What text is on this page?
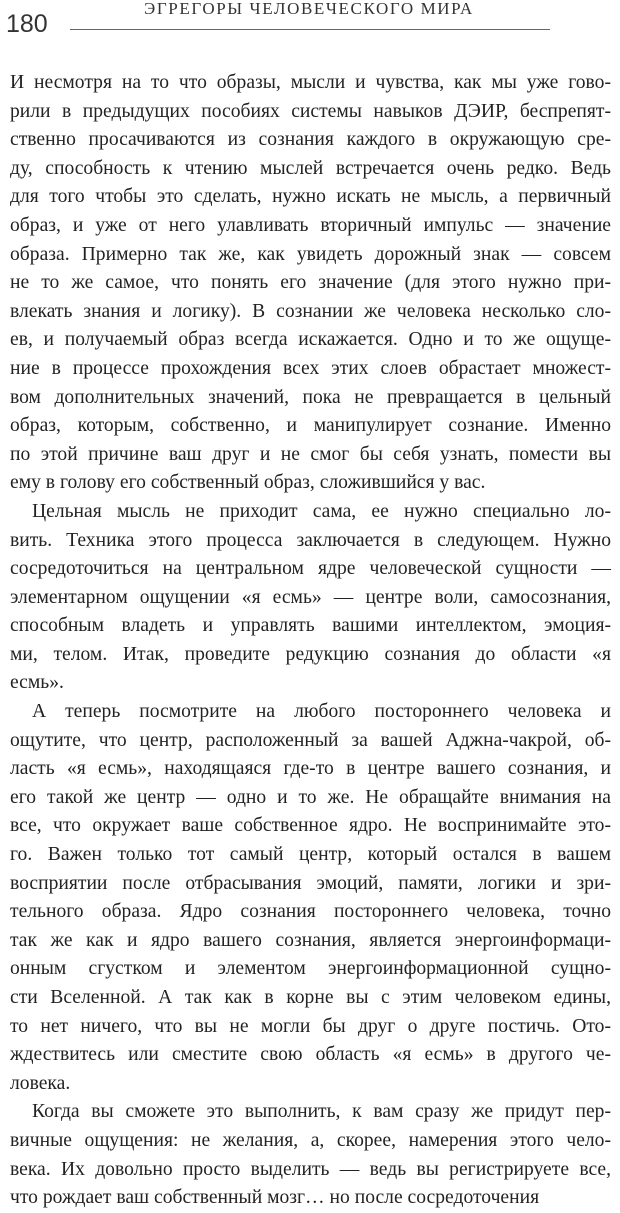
180
ЭГРЕГОРЫ ЧЕЛОВЕЧЕСКОГО МИРА
И несмотря на то что образы, мысли и чувства, как мы уже гово-
рили в предыдущих пособиях системы навыков ДЭИР, беспрепят-
ственно просачиваются из сознания каждого в окружающую сре-
ду, способность к чтению мыслей встречается очень редко. Ведь
для того чтобы это сделать, нужно искать не мысль, а первичный
образ, и уже от него улавливать вторичный импульс — значение
образа. Примерно так же, как увидеть дорожный знак — совсем
не то же самое, что понять его значение (для этого нужно при-
влекать знания и логику). В сознании же человека несколько сло-
ев, и получаемый образ всегда искажается. Одно и то же ощуще-
ние в процессе прохождения всех этих слоев обрастает множест-
вом дополнительных значений, пока не превращается в цельный
образ, которым, собственно, и манипулирует сознание. Именно
по этой причине ваш друг и не смог бы себя узнать, помести вы
ему в голову его собственный образ, сложившийся у вас.
Цельная мысль не приходит сама, ее нужно специально ло-
вить. Техника этого процесса заключается в следующем. Нужно
сосредоточиться на центральном ядре человеческой сущности —
элементарном ощущении «я есмь» — центре воли, самосознания,
способным владеть и управлять вашими интеллектом, эмоция-
ми, телом. Итак, проведите редукцию сознания до области «я
есмь».
А теперь посмотрите на любого постороннего человека и
ощутите, что центр, расположенный за вашей Аджна-чакрой, об-
ласть «я есмь», находящаяся где-то в центре вашего сознания, и
его такой же центр — одно и то же. Не обращайте внимания на
все, что окружает ваше собственное ядро. Не воспринимайте это-
го. Важен только тот самый центр, который остался в вашем
восприятии после отбрасывания эмоций, памяти, логики и зри-
тельного образа. Ядро сознания постороннего человека, точно
так же как и ядро вашего сознания, является энергоинформаци-
онным сгустком и элементом энергоинформационной сущно-
сти Вселенной. А так как в корне вы с этим человеком едины,
то нет ничего, что вы не могли бы друг о друге постичь. Ото-
ждествитесь или сместите свою область «я есмь» в другого че-
ловека.
Когда вы сможете это выполнить, к вам сразу же придут пер-
вичные ощущения: не желания, а, скорее, намерения этого чело-
века. Их довольно просто выделить — ведь вы регистрируете все,
что рождает ваш собственный мозг… но после сосредоточения
